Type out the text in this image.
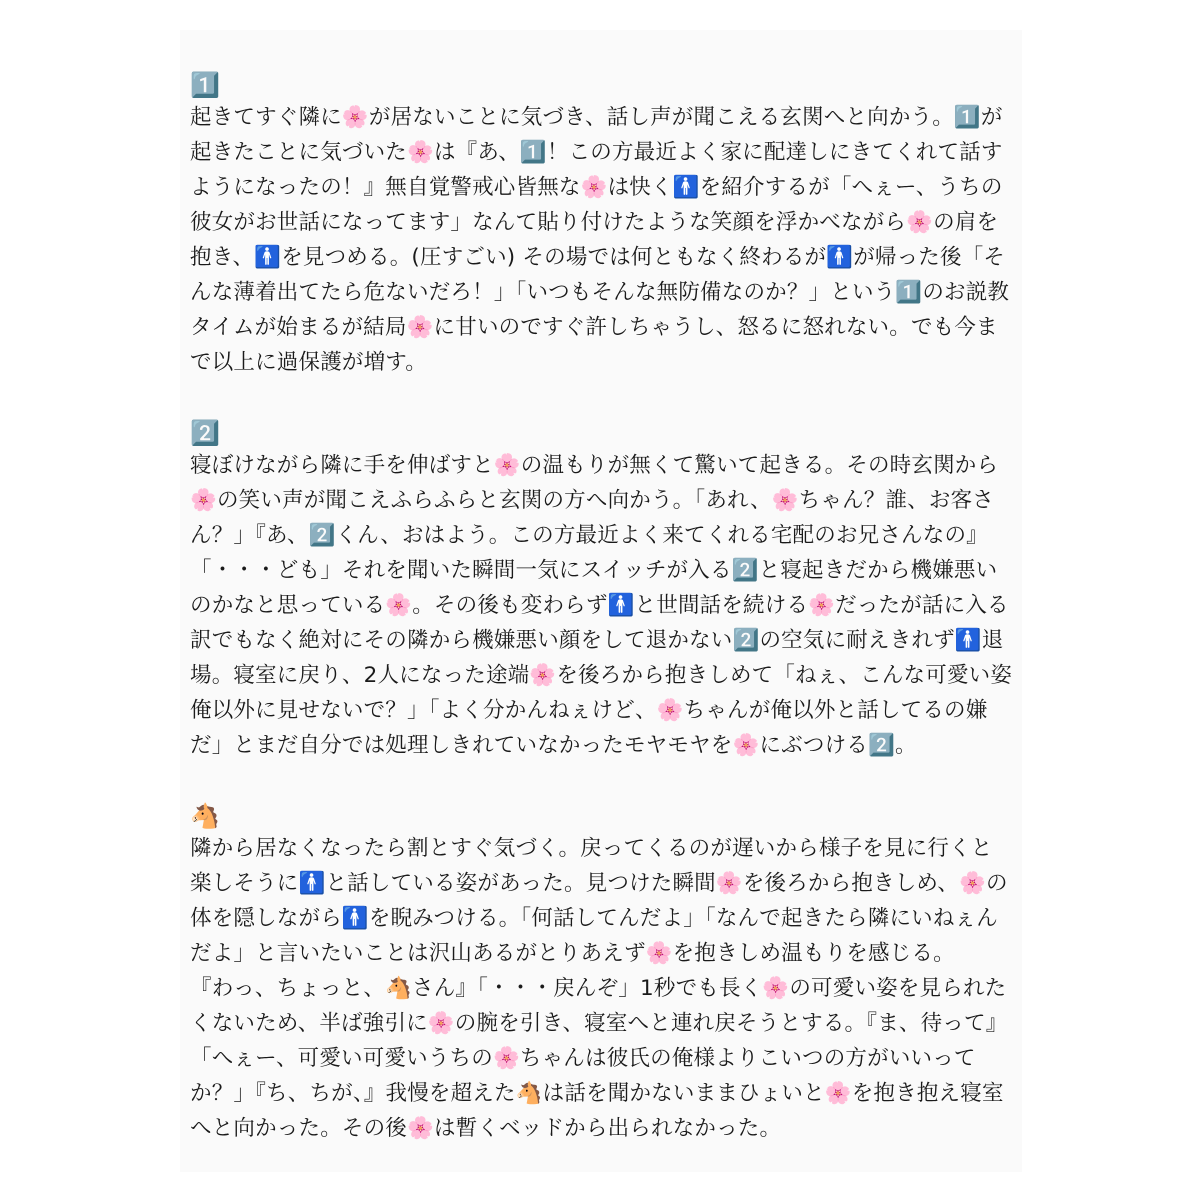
1️⃣
起きてすぐ隣に🌸が居ないことに気づき、話し声が聞こえる玄関へと向かう。1️⃣が起きたことに気づいた🌸は『あ、1️⃣！この方最近よく家に配達しにきてくれて話すようになったの！』無自覚警戒心皆無な🌸は快く🚹を紹介するが「へぇー、うちの彼女がお世話になってます」なんて貼り付けたような笑顔を浮かべながら🌸の肩を抱き、🚹を見つめる。(圧すごい) その場では何ともなく終わるが🚹が帰った後「そんな薄着出てたら危ないだろ！」「いつもそんな無防備なのか？」という1️⃣のお説教タイムが始まるが結局🌸に甘いのですぐ許しちゃうし、怒るに怒れない。でも今まで以上に過保護が増す。
2️⃣
寝ぼけながら隣に手を伸ばすと🌸の温もりが無くて驚いて起きる。その時玄関から🌸の笑い声が聞こえふらふらと玄関の方へ向かう。「あれ、🌸ちゃん？誰、お客さん？」『あ、2️⃣くん、おはよう。この方最近よく来てくれる宅配のお兄さんなの』「・・・ども」それを聞いた瞬間一気にスイッチが入る2️⃣と寝起きだから機嫌悪いのかなと思っている🌸。その後も変わらず🚹と世間話を続ける🌸だったが話に入る訳でもなく絶対にその隣から機嫌悪い顔をして退かない2️⃣の空気に耐えきれず🚹退場。寝室に戻り、2人になった途端🌸を後ろから抱きしめて「ねぇ、こんな可愛い姿俺以外に見せないで？」「よく分かんねぇけど、🌸ちゃんが俺以外と話してるの嫌だ」とまだ自分では処理しきれていなかったモヤモヤを🌸にぶつける2️⃣。
🐴
隣から居なくなったら割とすぐ気づく。戻ってくるのが遅いから様子を見に行くと楽しそうに🚹と話している姿があった。見つけた瞬間🌸を後ろから抱きしめ、🌸の体を隠しながら🚹を睨みつける。「何話してんだよ」「なんで起きたら隣にいねぇんだよ」と言いたいことは沢山あるがとりあえず🌸を抱きしめ温もりを感じる。
『わっ、ちょっと、🐴さん』「・・・戻んぞ」1秒でも長く🌸の可愛い姿を見られたくないため、半ば強引に🌸の腕を引き、寝室へと連れ戻そうとする。『ま、待って』「へぇー、可愛い可愛いうちの🌸ちゃんは彼氏の俺様よりこいつの方がいいってか？」『ち、ちが、』我慢を超えた🐴は話を聞かないままひょいと🌸を抱き抱え寝室へと向かった。その後🌸は暫くベッドから出られなかった。
